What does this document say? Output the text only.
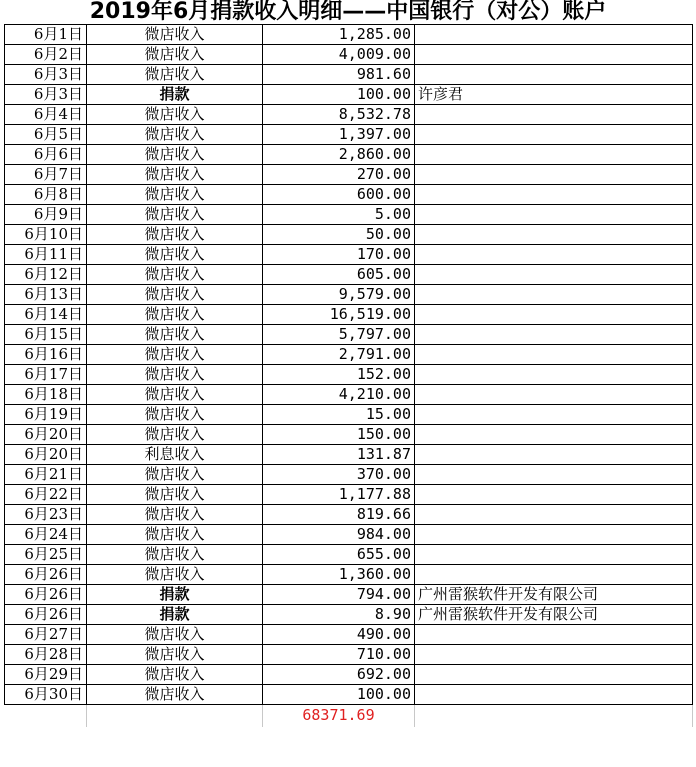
2019年6月捐款收入明细——中国银行（对公）账户
6月1日	微店收入	1,285.00	
6月2日	微店收入	4,009.00	
6月3日	微店收入	981.60	
6月3日	捐款	100.00	许彦君
6月4日	微店收入	8,532.78	
6月5日	微店收入	1,397.00	
6月6日	微店收入	2,860.00	
6月7日	微店收入	270.00	
6月8日	微店收入	600.00	
6月9日	微店收入	5.00	
6月10日	微店收入	50.00	
6月11日	微店收入	170.00	
6月12日	微店收入	605.00	
6月13日	微店收入	9,579.00	
6月14日	微店收入	16,519.00	
6月15日	微店收入	5,797.00	
6月16日	微店收入	2,791.00	
6月17日	微店收入	152.00	
6月18日	微店收入	4,210.00	
6月19日	微店收入	15.00	
6月20日	微店收入	150.00	
6月20日	利息收入	131.87	
6月21日	微店收入	370.00	
6月22日	微店收入	1,177.88	
6月23日	微店收入	819.66	
6月24日	微店收入	984.00	
6月25日	微店收入	655.00	
6月26日	微店收入	1,360.00	
6月26日	捐款	794.00	广州雷猴软件开发有限公司
6月26日	捐款	8.90	广州雷猴软件开发有限公司
6月27日	微店收入	490.00	
6月28日	微店收入	710.00	
6月29日	微店收入	692.00	
6月30日	微店收入	100.00	
		68371.69	
